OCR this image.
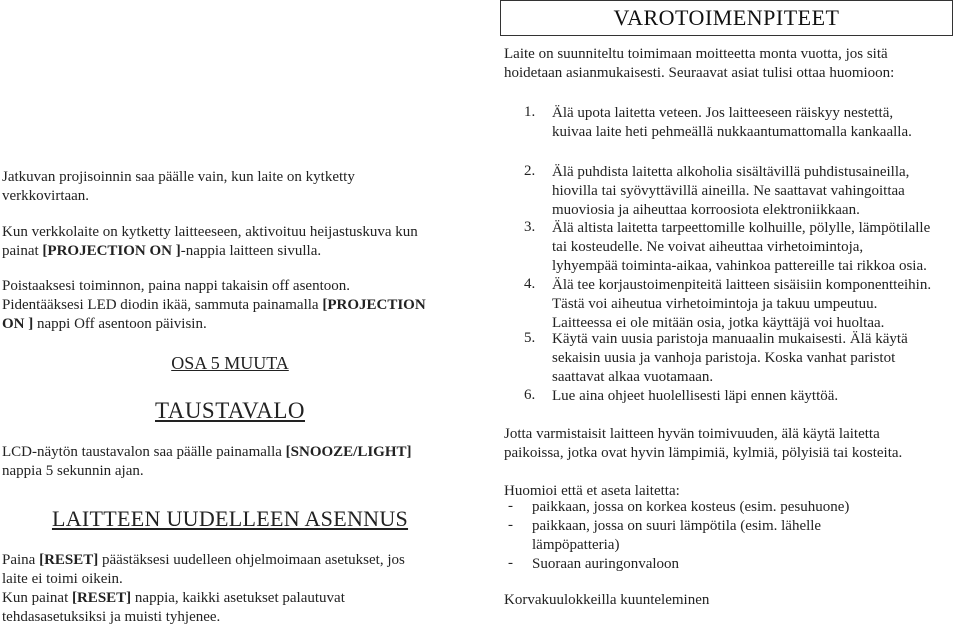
VAROTOIMENPITEET

Laite on suunniteltu toimimaan moitteetta monta vuotta, jos sitä

hoidetaan asianmukaisesti. Seuraavat asiat tulisi ottaa huomioon:

1. Älä upota laitetta veteen. Jos laitteeseen räiskyy nestettä,

kuivaa laite heti pehmeällä nukkaantumattomalla kankaalla.

2. Älä puhdista laitetta alkoholia sisältävillä puhdistusaineilla,

hiovilla tai syövyttävillä aineilla. Ne saattavat vahingoittaa

muoviosia ja aiheuttaa korroosiota elektroniikkaan.

3. Älä altista laitetta tarpeettomille kolhuille, pölylle, lämpötilalle

tai kosteudelle. Ne voivat aiheuttaa virhetoimintoja,

lyhyempää toiminta-aikaa, vahinkoa pattereille tai rikkoa osia.

4. Älä tee korjaustoimenpiteitä laitteen sisäisiin komponentteihin.

Tästä voi aiheutua virhetoimintoja ja takuu umpeutuu.

Laitteessa ei ole mitään osia, jotka käyttäjä voi huoltaa.

5. Käytä vain uusia paristoja manuaalin mukaisesti. Älä käytä

sekaisin uusia ja vanhoja paristoja. Koska vanhat paristot

saattavat alkaa vuotamaan.

6. Lue aina ohjeet huolellisesti läpi ennen käyttöä.

Jotta varmistaisit laitteen hyvän toimivuuden, älä käytä laitetta

paikoissa, jotka ovat hyvin lämpimiä, kylmiä, pölyisiä tai kosteita.

Huomioi että et aseta laitetta:

- paikkaan, jossa on korkea kosteus (esim. pesuhuone)

- paikkaan, jossa on suuri lämpötila (esim. lähelle

lämpöpatteria)

- Suoraan auringonvaloon

Korvakuulokkeilla kuunteleminen

Jatkuvan projisoinnin saa päälle vain, kun laite on kytketty

verkkovirtaan.

Kun verkkolaite on kytketty laitteeseen, aktivoituu heijastuskuva kun

painat [PROJECTION ON ]-nappia laitteen sivulla.

Poistaaksesi toiminnon, paina nappi takaisin off asentoon.

Pidentääksesi LED diodin ikää, sammuta painamalla [PROJECTION

ON ] nappi Off asentoon päivisin.

OSA 5 MUUTA
TAUSTAVALO

LCD-näytön taustavalon saa päälle painamalla [SNOOZE/LIGHT]

nappia 5 sekunnin ajan.

LAITTEEN UUDELLEEN ASENNUS

Paina [RESET] päästäksesi uudelleen ohjelmoimaan asetukset, jos

laite ei toimi oikein.

Kun painat [RESET] nappia, kaikki asetukset palautuvat

tehdasasetuksiksi ja muisti tyhjenee.
